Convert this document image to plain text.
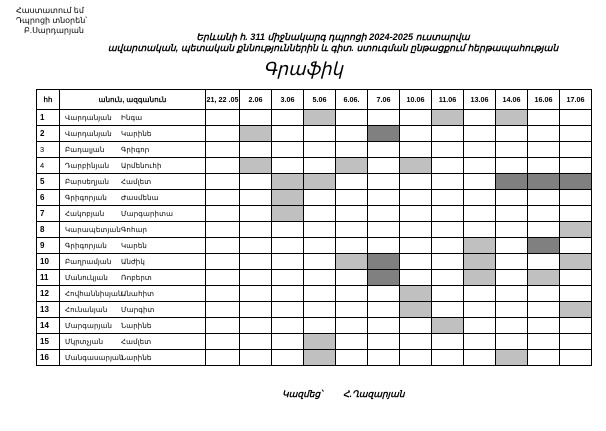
Հաստատում եմ
Դպրոցի տնօրեն՝
Բ.Սարդարյան
Երևանի հ. 311 միջնակարգ դպրոցի 2024-2025 ուստարվա
ավարտական, պետական քննություններին և գիտ. ստուգման ընթացքում հերթապահության
Գրաֆիկ
հհ	անուն, ազգանուն	21, 22 .05	2.06	3.06	5.06	6.06.	7.06	10.06	11.06	13.06	14.06	16.06	17.06
1	Վարդանյան Ինգա												
2	Վարդանյան Կարինե												
3	Բադալյան Գրիգոր												
4	Դարբինյան Արմենուհի												
5	Բարսեղյան Համլետ												
6	Գրիգորյան Ժասմենա												
7	Հակոբյան Մարգարիտա												
8	ԿարապետյանԳոհար												
9	Գրիգորյան Կարեն												
10	Բաղրամյան Անժիկ												
11	Մանուկյան Ռոբերտ												
12	ՀովհաննիսյանԱնահիտ												
13	Հունանյան Մարգիտ												
14	Մարգարյան Նարինե												
15	Մկրտչյան Համլետ												
16	ՄանգասարյանՆարինե												
Կազմեց՝ Հ.Ղազարյան
